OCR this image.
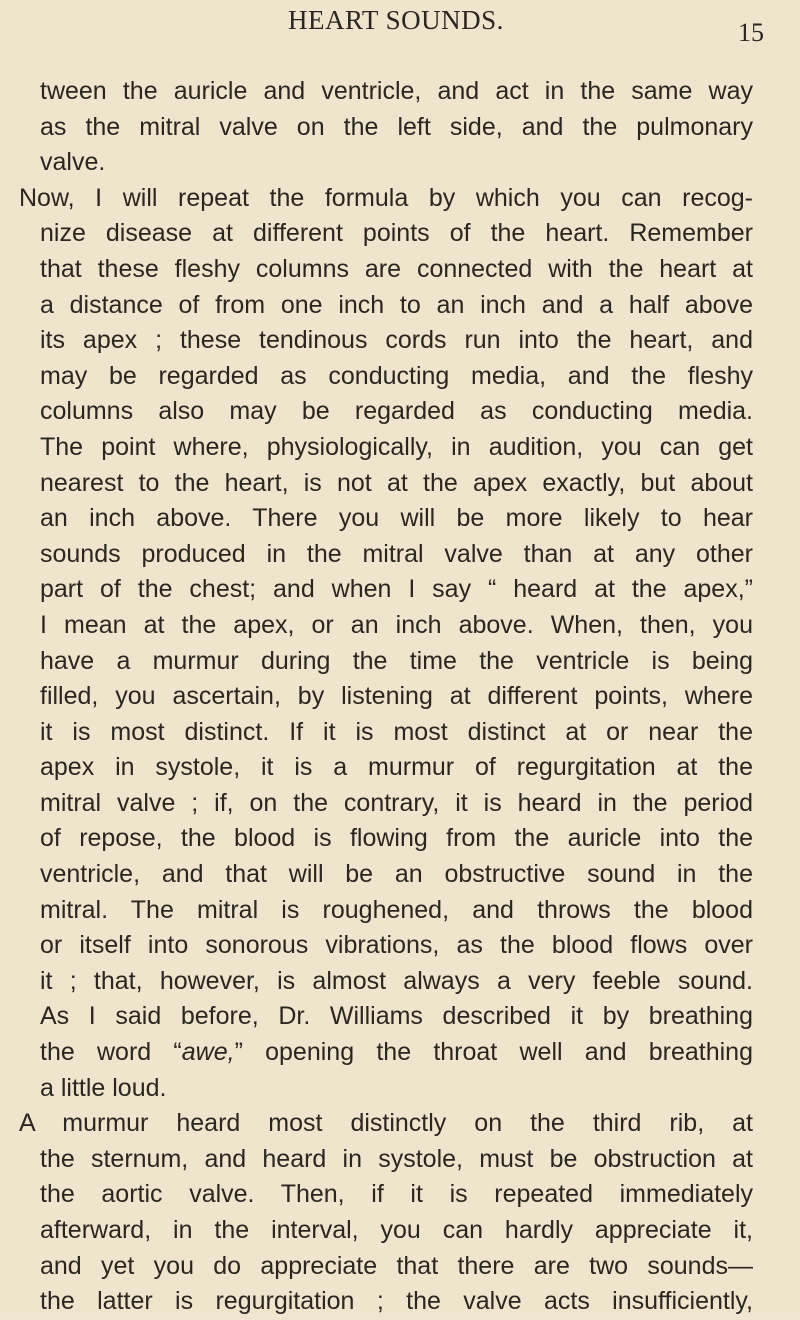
HEART SOUNDS.	15
tween the auricle and ventricle, and act in the same way
as the mitral valve on the left side, and the pulmonary
valve.
Now, I will repeat the formula by which you can recog-
nize disease at different points of the heart. Remember
that these fleshy columns are connected with the heart at
a distance of from one inch to an inch and a half above
its apex ; these tendinous cords run into the heart, and
may be regarded as conducting media, and the fleshy
columns also may be regarded as conducting media.
The point where, physiologically, in audition, you can get
nearest to the heart, is not at the apex exactly, but about
an inch above. There you will be more likely to hear
sounds produced in the mitral valve than at any other
part of the chest; and when I say “ heard at the apex,”
I mean at the apex, or an inch above. When, then, you
have a murmur during the time the ventricle is being
filled, you ascertain, by listening at different points, where
it is most distinct. If it is most distinct at or near the
apex in systole, it is a murmur of regurgitation at the
mitral valve ; if, on the contrary, it is heard in the period
of repose, the blood is flowing from the auricle into the
ventricle, and that will be an obstructive sound in the
mitral. The mitral is roughened, and throws the blood
or itself into sonorous vibrations, as the blood flows over
it ; that, however, is almost always a very feeble sound.
As I said before, Dr. Williams described it by breathing
the word “awe,” opening the throat well and breathing
a little loud.
A murmur heard most distinctly on the third rib, at
the sternum, and heard in systole, must be obstruction at
the aortic valve. Then, if it is repeated immediately
afterward, in the interval, you can hardly appreciate it,
and yet you do appreciate that there are two sounds—
the latter is regurgitation ; the valve acts insufficiently,
